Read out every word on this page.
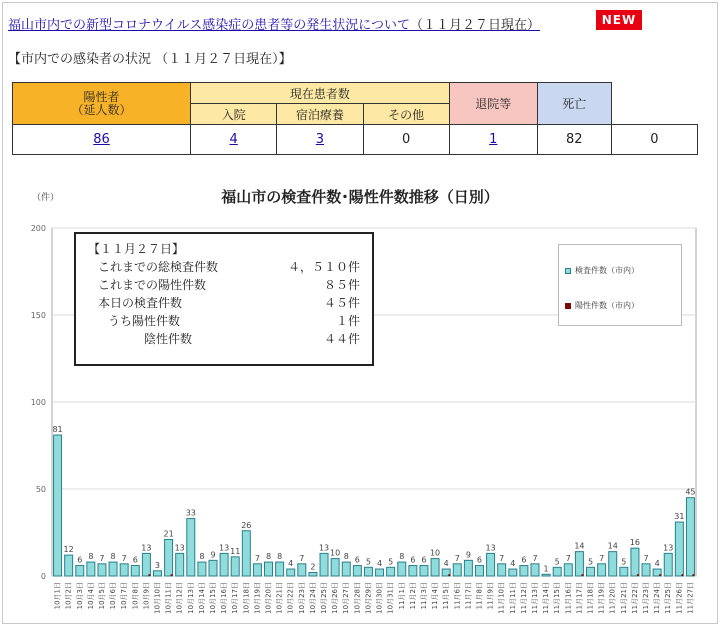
福山市内での新型コロナウイルス感染症の患者等の発生状況について（１１月２７日現在）	NEW
【市内での感染者の状況 （１１月２７日現在）】
陽性者
（延人数）	現在患者数			退院等	死亡	
	入院	宿泊療養	その他			
86	4	3	0	1	82	0
福山市の検査件数･陽性件数推移（日別）
（件）
0
50
100
150
200
81
10月1日
12
10月2日
6
10月3日
8
10月4日
7
10月5日
8
10月6日
7
10月7日
6
10月8日
13
10月9日
3
10月10日
21
10月11日
13
10月12日
33
10月13日
8
10月14日
9
10月15日
13
10月16日
11
10月17日
26
10月18日
7
10月19日
8
10月20日
8
10月21日
4
10月22日
7
10月23日
2
10月24日
13
10月25日
10
10月26日
8
10月27日
6
10月28日
5
10月29日
4
10月30日
5
10月31日
8
11月1日
6
11月2日
6
11月3日
10
11月4日
4
11月5日
7
11月6日
9
11月7日
6
11月8日
13
11月9日
7
11月10日
4
11月11日
6
11月12日
7
11月13日
1
11月14日
5
11月15日
7
11月16日
14
11月17日
5
11月18日
7
11月19日
14
11月20日
5
11月21日
16
11月22日
7
11月23日
4
11月24日
13
11月25日
31
11月26日
45
11月27日
【１１月２７日】
これまでの総検査件数	４，５１０件
これまでの陽性件数	８５件
本日の検査件数	４５件
うち陽性件数	１件
陰性件数	４４件
検査件数（市内）
陽性件数（市内）
